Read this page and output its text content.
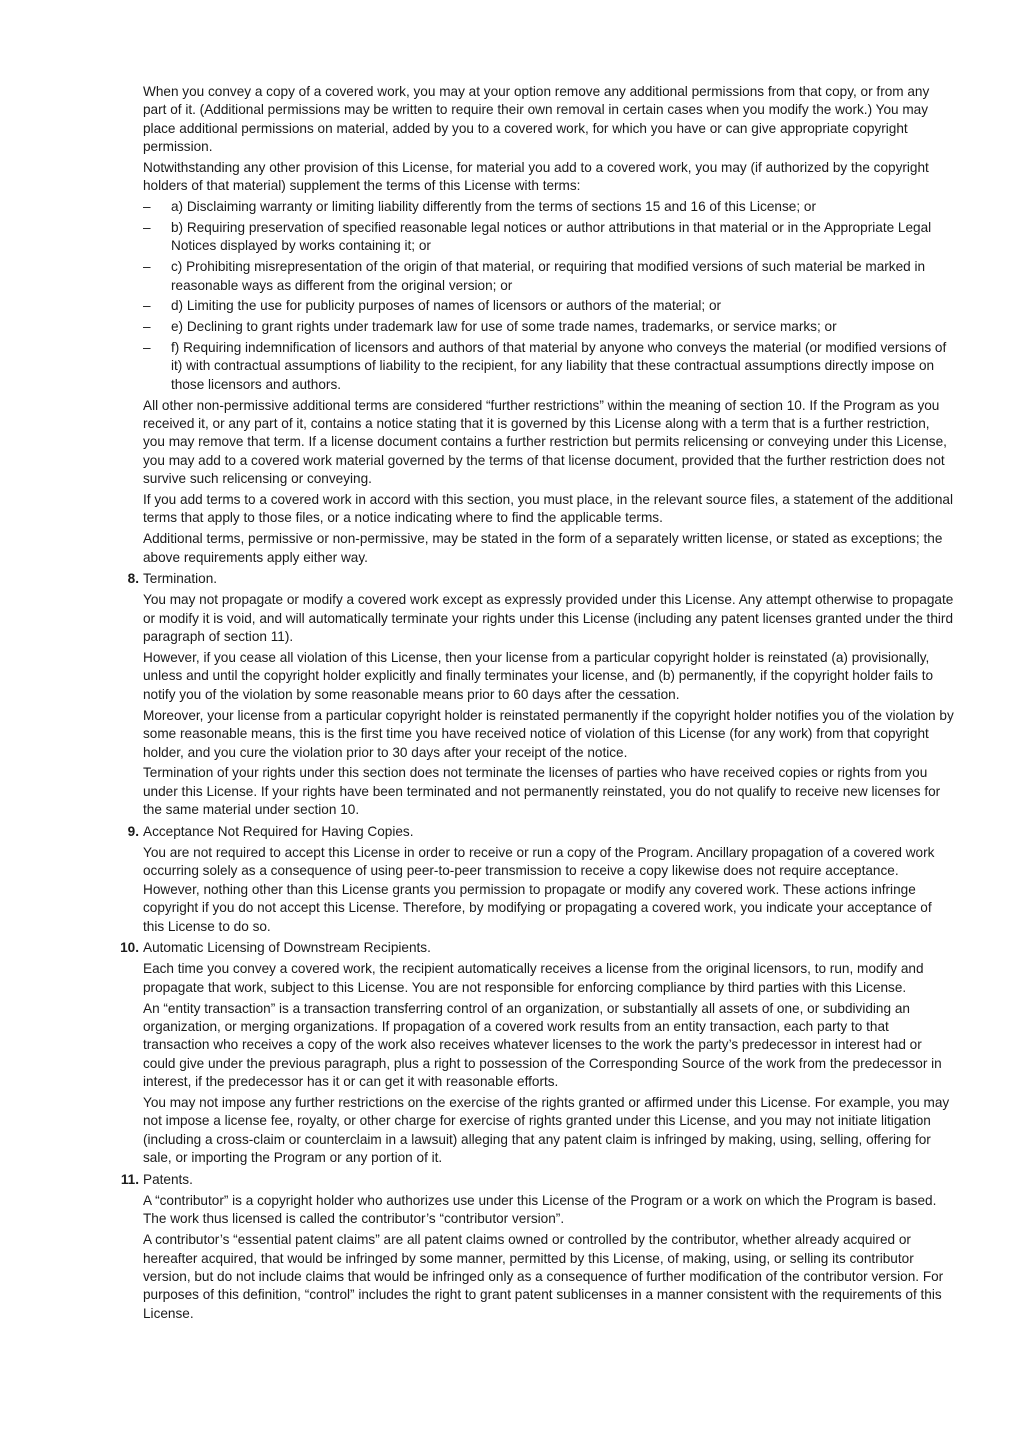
When you convey a copy of a covered work, you may at your option remove any additional permissions from that copy, or from any part of it. (Additional permissions may be written to require their own removal in certain cases when you modify the work.) You may place additional permissions on material, added by you to a covered work, for which you have or can give appropriate copyright permission.

Notwithstanding any other provision of this License, for material you add to a covered work, you may (if authorized by the copyright holders of that material) supplement the terms of this License with terms:

– a) Disclaiming warranty or limiting liability differently from the terms of sections 15 and 16 of this License; or
– b) Requiring preservation of specified reasonable legal notices or author attributions in that material or in the Appropriate Legal Notices displayed by works containing it; or
– c) Prohibiting misrepresentation of the origin of that material, or requiring that modified versions of such material be marked in reasonable ways as different from the original version; or
– d) Limiting the use for publicity purposes of names of licensors or authors of the material; or
– e) Declining to grant rights under trademark law for use of some trade names, trademarks, or service marks; or
– f) Requiring indemnification of licensors and authors of that material by anyone who conveys the material (or modified versions of it) with contractual assumptions of liability to the recipient, for any liability that these contractual assumptions directly impose on those licensors and authors.

All other non-permissive additional terms are considered “further restrictions” within the meaning of section 10. If the Program as you received it, or any part of it, contains a notice stating that it is governed by this License along with a term that is a further restriction, you may remove that term. If a license document contains a further restriction but permits relicensing or conveying under this License, you may add to a covered work material governed by the terms of that license document, provided that the further restriction does not survive such relicensing or conveying.

If you add terms to a covered work in accord with this section, you must place, in the relevant source files, a statement of the additional terms that apply to those files, or a notice indicating where to find the applicable terms.

Additional terms, permissive or non-permissive, may be stated in the form of a separately written license, or stated as exceptions; the above requirements apply either way.

8. Termination.

You may not propagate or modify a covered work except as expressly provided under this License. Any attempt otherwise to propagate or modify it is void, and will automatically terminate your rights under this License (including any patent licenses granted under the third paragraph of section 11).

However, if you cease all violation of this License, then your license from a particular copyright holder is reinstated (a) provisionally, unless and until the copyright holder explicitly and finally terminates your license, and (b) permanently, if the copyright holder fails to notify you of the violation by some reasonable means prior to 60 days after the cessation.

Moreover, your license from a particular copyright holder is reinstated permanently if the copyright holder notifies you of the violation by some reasonable means, this is the first time you have received notice of violation of this License (for any work) from that copyright holder, and you cure the violation prior to 30 days after your receipt of the notice.

Termination of your rights under this section does not terminate the licenses of parties who have received copies or rights from you under this License. If your rights have been terminated and not permanently reinstated, you do not qualify to receive new licenses for the same material under section 10.

9. Acceptance Not Required for Having Copies.

You are not required to accept this License in order to receive or run a copy of the Program. Ancillary propagation of a covered work occurring solely as a consequence of using peer-to-peer transmission to receive a copy likewise does not require acceptance. However, nothing other than this License grants you permission to propagate or modify any covered work. These actions infringe copyright if you do not accept this License. Therefore, by modifying or propagating a covered work, you indicate your acceptance of this License to do so.

10. Automatic Licensing of Downstream Recipients.

Each time you convey a covered work, the recipient automatically receives a license from the original licensors, to run, modify and propagate that work, subject to this License. You are not responsible for enforcing compliance by third parties with this License.

An “entity transaction” is a transaction transferring control of an organization, or substantially all assets of one, or subdividing an organization, or merging organizations. If propagation of a covered work results from an entity transaction, each party to that transaction who receives a copy of the work also receives whatever licenses to the work the party’s predecessor in interest had or could give under the previous paragraph, plus a right to possession of the Corresponding Source of the work from the predecessor in interest, if the predecessor has it or can get it with reasonable efforts.

You may not impose any further restrictions on the exercise of the rights granted or affirmed under this License. For example, you may not impose a license fee, royalty, or other charge for exercise of rights granted under this License, and you may not initiate litigation (including a cross-claim or counterclaim in a lawsuit) alleging that any patent claim is infringed by making, using, selling, offering for sale, or importing the Program or any portion of it.

11. Patents.

A “contributor” is a copyright holder who authorizes use under this License of the Program or a work on which the Program is based. The work thus licensed is called the contributor’s “contributor version”.

A contributor’s “essential patent claims” are all patent claims owned or controlled by the contributor, whether already acquired or hereafter acquired, that would be infringed by some manner, permitted by this License, of making, using, or selling its contributor version, but do not include claims that would be infringed only as a consequence of further modification of the contributor version. For purposes of this definition, “control” includes the right to grant patent sublicenses in a manner consistent with the requirements of this License.
